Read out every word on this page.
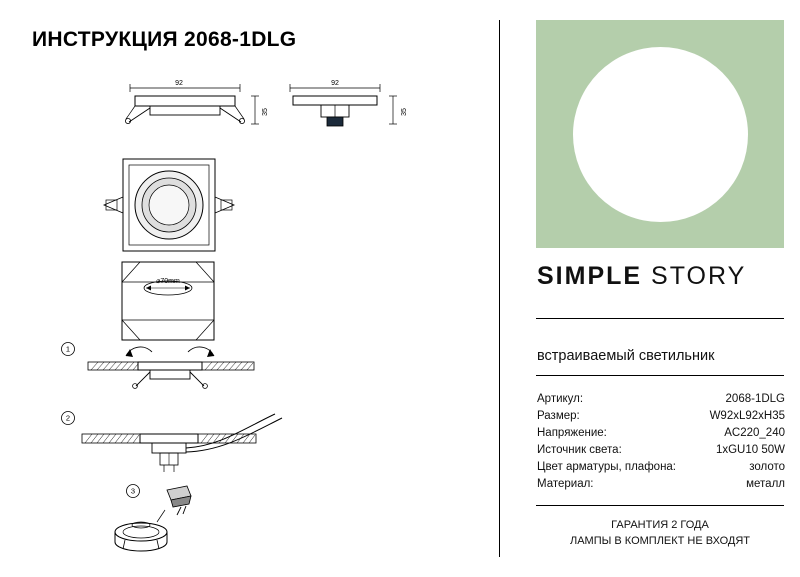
ИНСТРУКЦИЯ 2068-1DLG
92
35
92
35
⌀70mm
1
2
3
SIMPLE STORY
встраиваемый светильник
Артикул:	2068-1DLG
Размер:	W92xL92xH35
Напряжение:	AC220_240
Источник света:	1xGU10 50W
Цвет арматуры, плафона:	золото
Материал:	металл
ГАРАНТИЯ 2 ГОДА
ЛАМПЫ В КОМПЛЕКТ НЕ ВХОДЯТ
